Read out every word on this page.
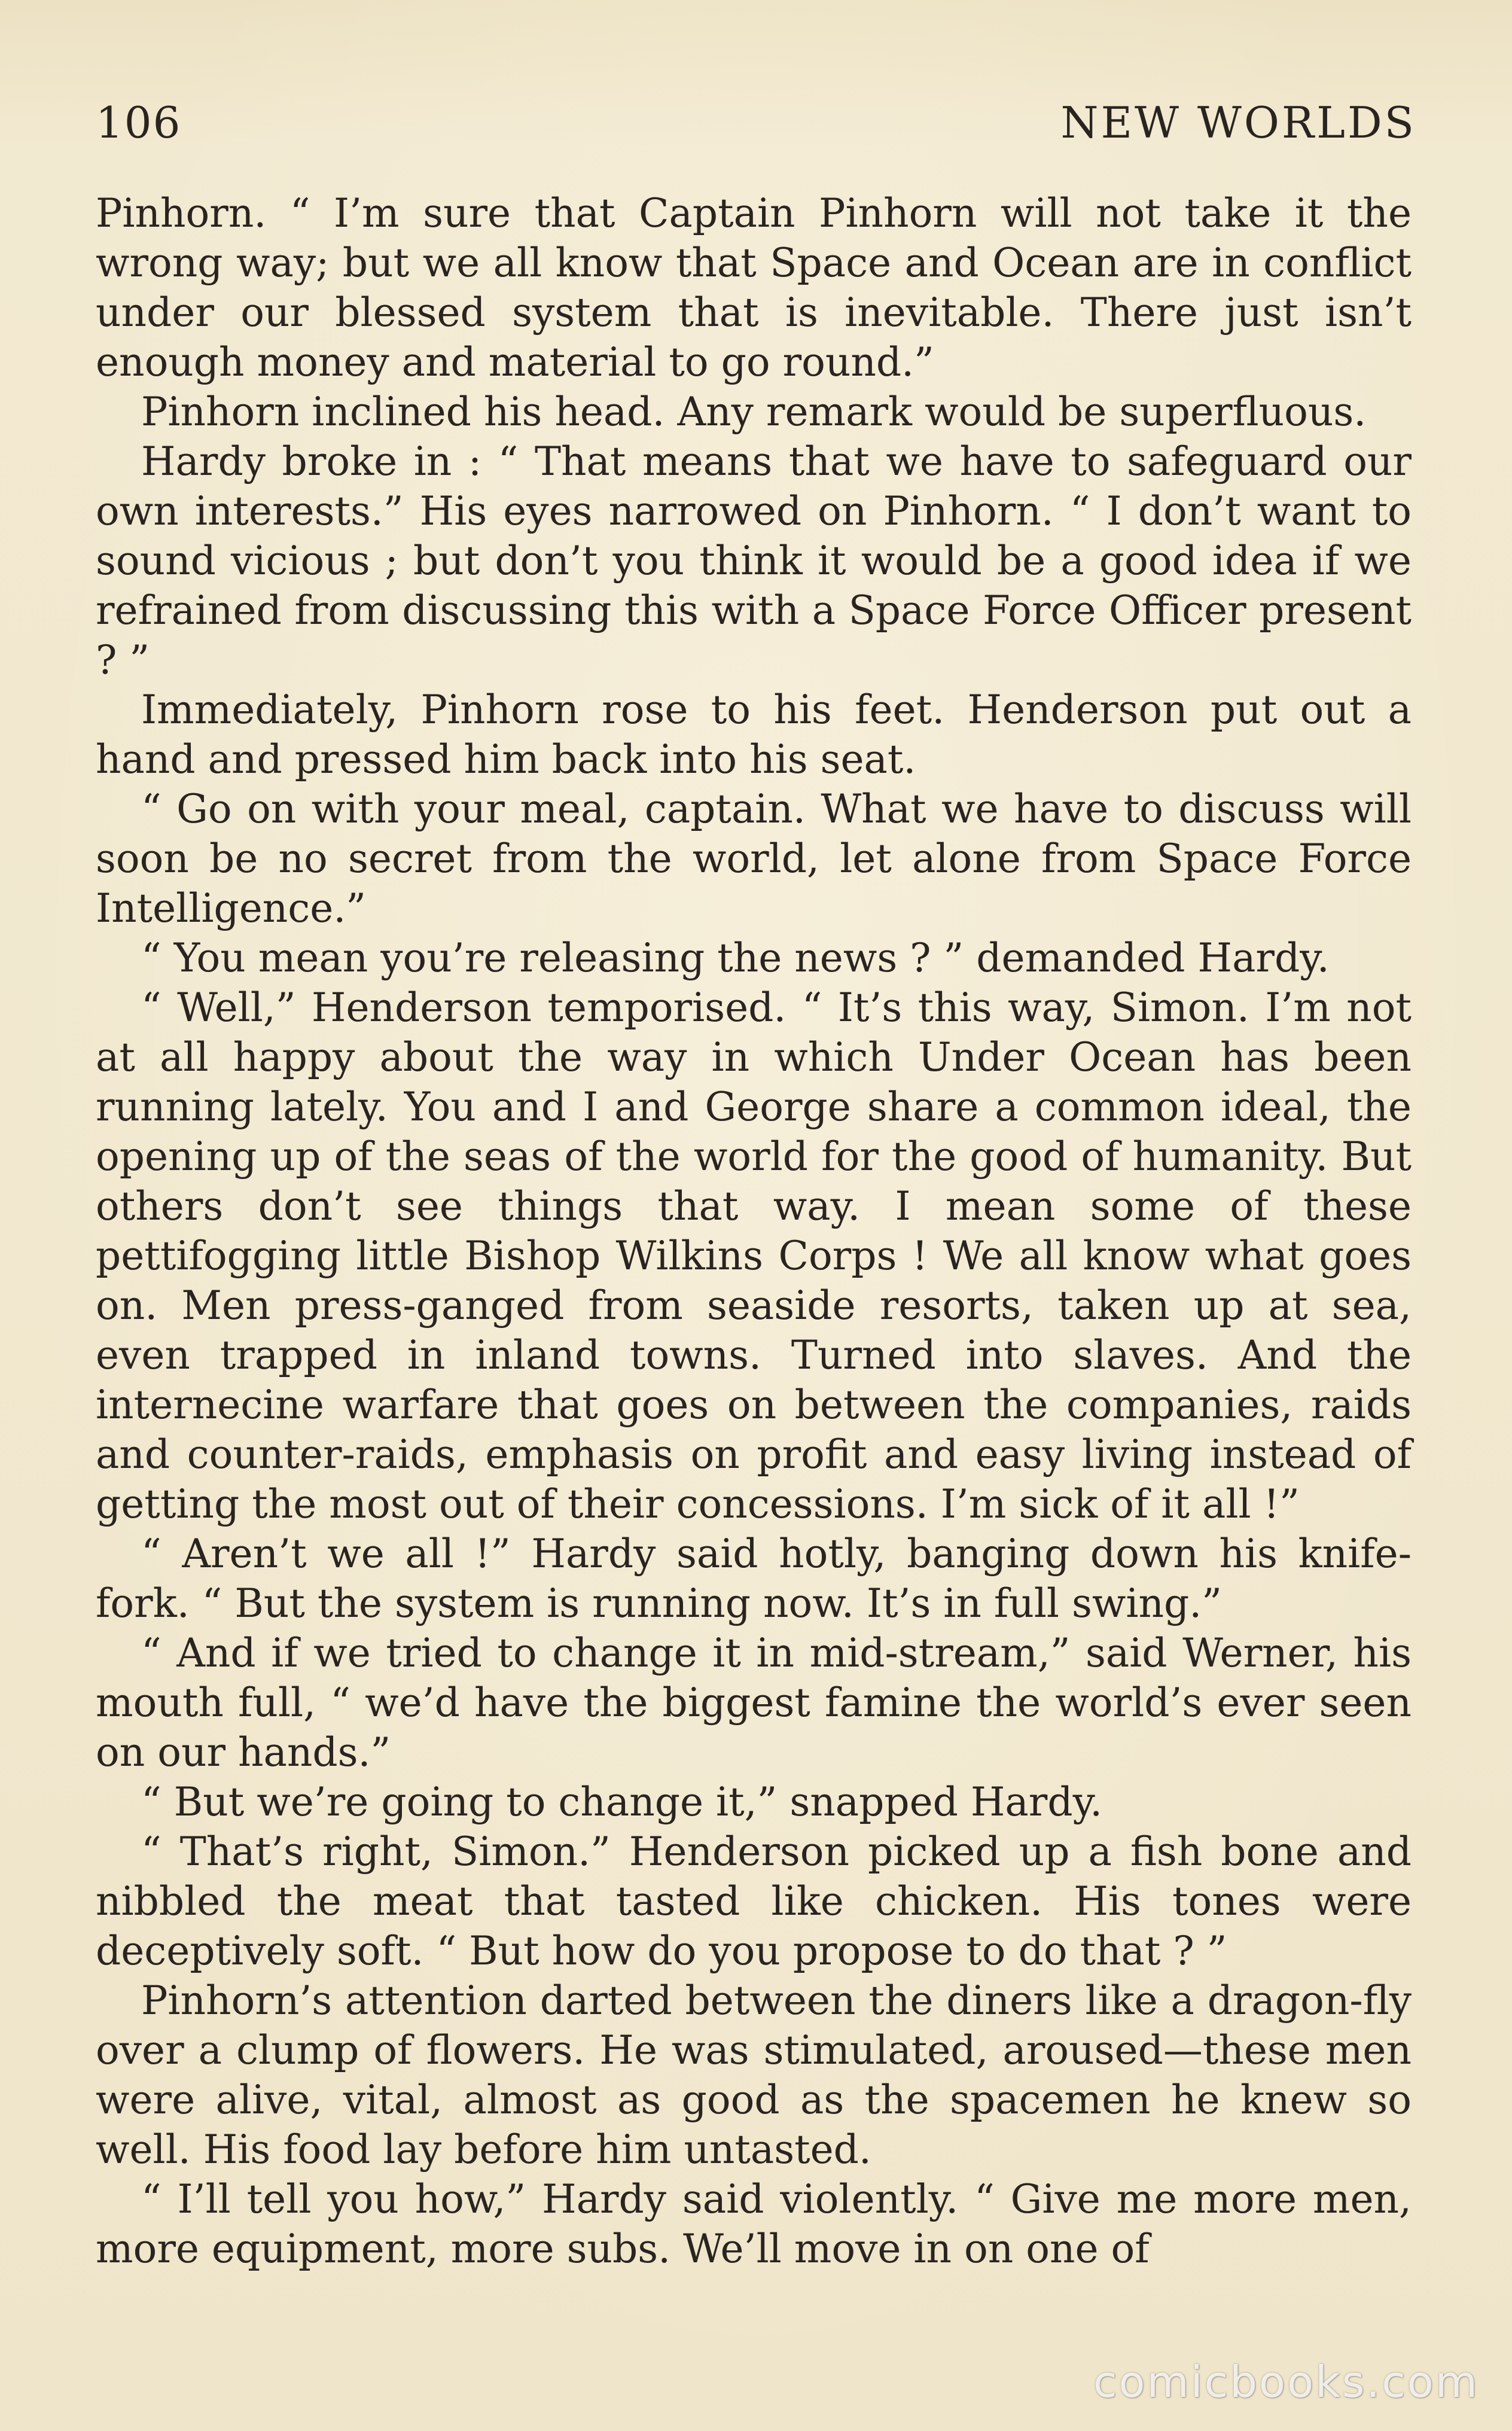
106	NEW WORLDS

Pinhorn. “ I’m sure that Captain Pinhorn will not take it the wrong way; but we all know that Space and Ocean are in conflict under our blessed system that is inevitable. There just isn’t enough money and material to go round.”

Pinhorn inclined his head. Any remark would be superfluous.

Hardy broke in : “ That means that we have to safeguard our own interests.” His eyes narrowed on Pinhorn. “ I don’t want to sound vicious ; but don’t you think it would be a good idea if we refrained from discussing this with a Space Force Officer present ? ”

Immediately, Pinhorn rose to his feet. Henderson put out a hand and pressed him back into his seat.

“ Go on with your meal, captain. What we have to discuss will soon be no secret from the world, let alone from Space Force Intelligence.”

“ You mean you’re releasing the news ? ” demanded Hardy.

“ Well,” Henderson temporised. “ It’s this way, Simon. I’m not at all happy about the way in which Under Ocean has been running lately. You and I and George share a common ideal, the opening up of the seas of the world for the good of humanity. But others don’t see things that way. I mean some of these pettifogging little Bishop Wilkins Corps ! We all know what goes on. Men press-ganged from seaside resorts, taken up at sea, even trapped in inland towns. Turned into slaves. And the internecine warfare that goes on between the companies, raids and counter-raids, emphasis on profit and easy living instead of getting the most out of their concessions. I’m sick of it all !”

“ Aren’t we all !” Hardy said hotly, banging down his knife-fork. “ But the system is running now. It’s in full swing.”

“ And if we tried to change it in mid-stream,” said Werner, his mouth full, “ we’d have the biggest famine the world’s ever seen on our hands.”

“ But we’re going to change it,” snapped Hardy.

“ That’s right, Simon.” Henderson picked up a fish bone and nibbled the meat that tasted like chicken. His tones were deceptively soft. “ But how do you propose to do that ? ”

Pinhorn’s attention darted between the diners like a dragon-fly over a clump of flowers. He was stimulated, aroused—these men were alive, vital, almost as good as the spacemen he knew so well. His food lay before him untasted.

“ I’ll tell you how,” Hardy said violently. “ Give me more men, more equipment, more subs. We’ll move in on one of

comicbooks.com
